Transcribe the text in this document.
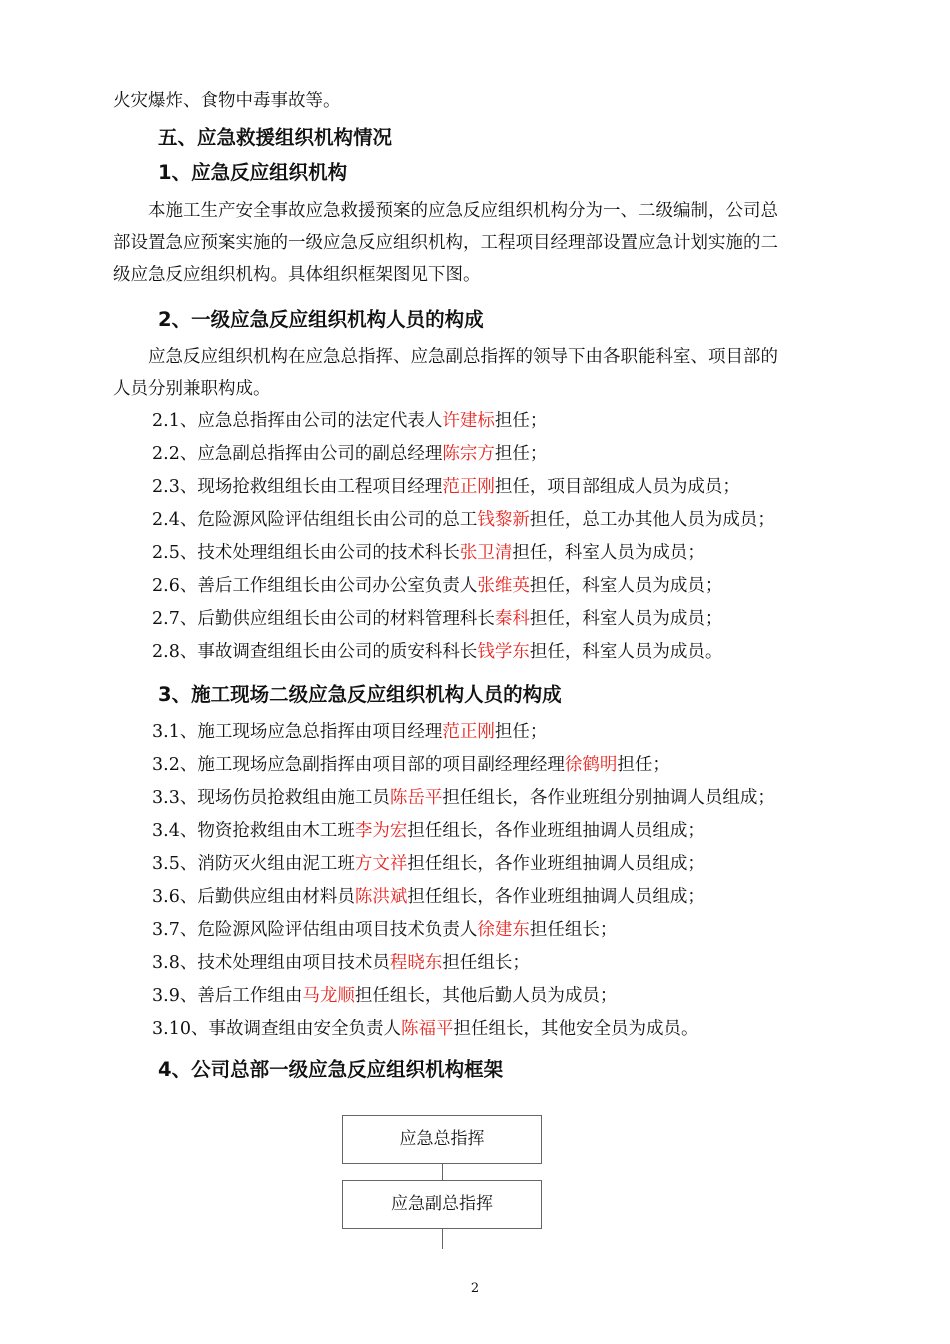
火灾爆炸、食物中毒事故等。
五、应急救援组织机构情况
1、应急反应组织机构
本施工生产安全事故应急救援预案的应急反应组织机构分为一、二级编制，公司总
部设置急应预案实施的一级应急反应组织机构，工程项目经理部设置应急计划实施的二
级应急反应组织机构。具体组织框架图见下图。
2、一级应急反应组织机构人员的构成
应急反应组织机构在应急总指挥、应急副总指挥的领导下由各职能科室、项目部的
人员分别兼职构成。
2.1、应急总指挥由公司的法定代表人许建标担任；
2.2、应急副总指挥由公司的副总经理陈宗方担任；
2.3、现场抢救组组长由工程项目经理范正刚担任，项目部组成人员为成员；
2.4、危险源风险评估组组长由公司的总工钱黎新担任，总工办其他人员为成员；
2.5、技术处理组组长由公司的技术科长张卫清担任，科室人员为成员；
2.6、善后工作组组长由公司办公室负责人张维英担任，科室人员为成员；
2.7、后勤供应组组长由公司的材料管理科长秦科担任，科室人员为成员；
2.8、事故调查组组长由公司的质安科科长钱学东担任，科室人员为成员。
3、施工现场二级应急反应组织机构人员的构成
3.1、施工现场应急总指挥由项目经理范正刚担任；
3.2、施工现场应急副指挥由项目部的项目副经理经理徐鹤明担任；
3.3、现场伤员抢救组由施工员陈岳平担任组长，各作业班组分别抽调人员组成；
3.4、物资抢救组由木工班李为宏担任组长，各作业班组抽调人员组成；
3.5、消防灭火组由泥工班方文祥担任组长，各作业班组抽调人员组成；
3.6、后勤供应组由材料员陈洪斌担任组长，各作业班组抽调人员组成；
3.7、危险源风险评估组由项目技术负责人徐建东担任组长；
3.8、技术处理组由项目技术员程晓东担任组长；
3.9、善后工作组由马龙顺担任组长，其他后勤人员为成员；
3.10、事故调查组由安全负责人陈福平担任组长，其他安全员为成员。
4、公司总部一级应急反应组织机构框架
应急总指挥
应急副总指挥
2
